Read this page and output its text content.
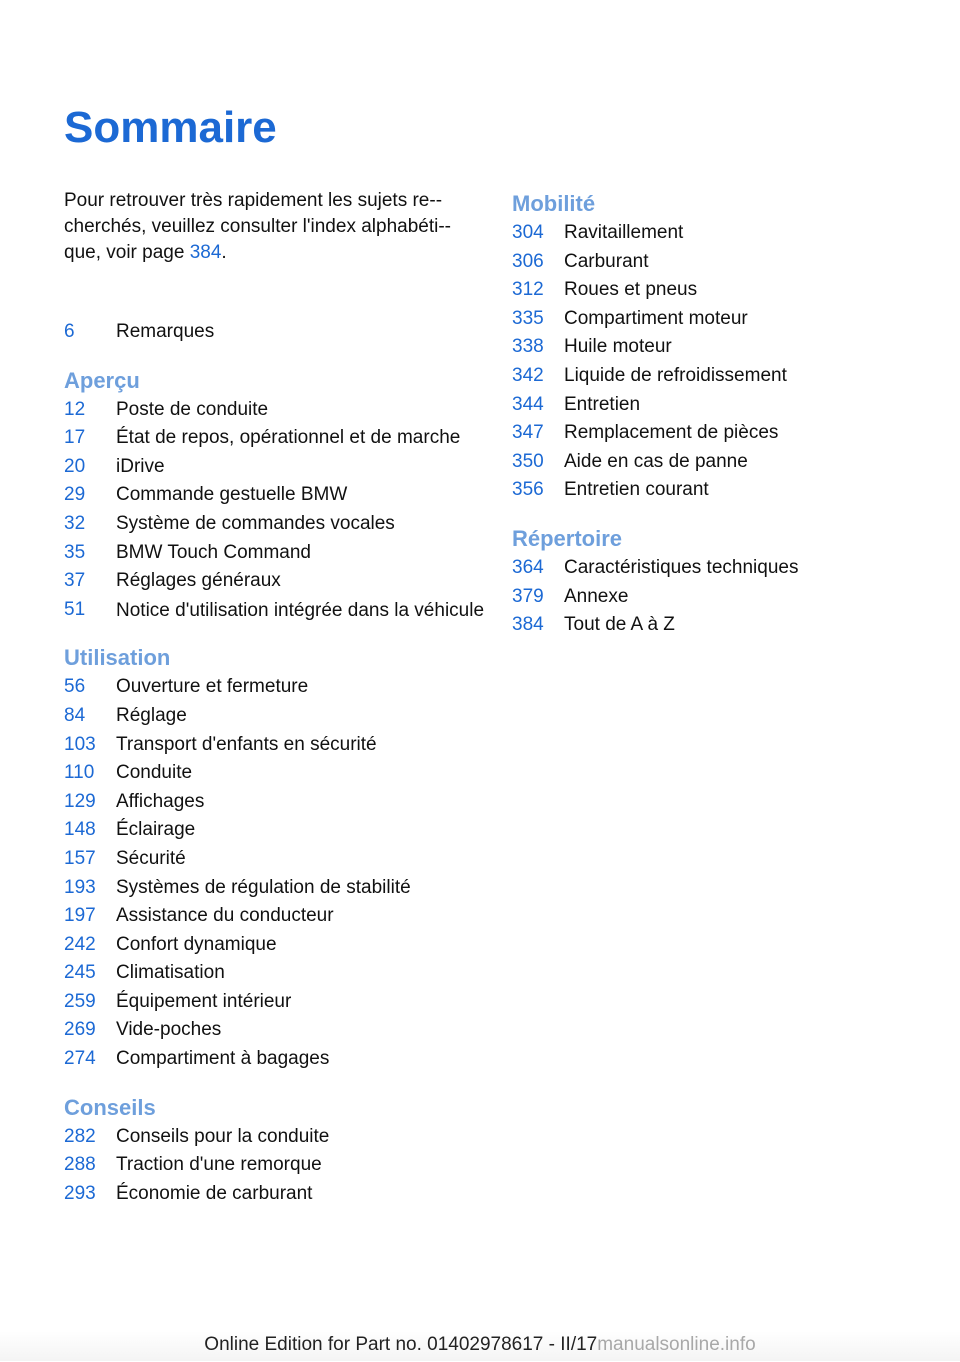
Sommaire

Pour retrouver très rapidement les sujets re-cherchés, veuillez consulter l'index alphabéti-que, voir page 384.

6	Remarques
Aperçu
12	Poste de conduite
17	État de repos, opérationnel et de marche
20	iDrive
29	Commande gestuelle BMW
32	Système de commandes vocales
35	BMW Touch Command
37	Réglages généraux
51	Notice d'utilisation intégrée dans la véhicule
Utilisation
56	Ouverture et fermeture
84	Réglage
103	Transport d'enfants en sécurité
110	Conduite
129	Affichages
148	Éclairage
157	Sécurité
193	Systèmes de régulation de stabilité
197	Assistance du conducteur
242	Confort dynamique
245	Climatisation
259	Équipement intérieur
269	Vide-poches
274	Compartiment à bagages
Conseils
282	Conseils pour la conduite
288	Traction d'une remorque
293	Économie de carburant
Mobilité
304	Ravitaillement
306	Carburant
312	Roues et pneus
335	Compartiment moteur
338	Huile moteur
342	Liquide de refroidissement
344	Entretien
347	Remplacement de pièces
350	Aide en cas de panne
356	Entretien courant
Répertoire
364	Caractéristiques techniques
379	Annexe
384	Tout de A à Z
Online Edition for Part no. 01402978617 - II/17manualsonline.info
